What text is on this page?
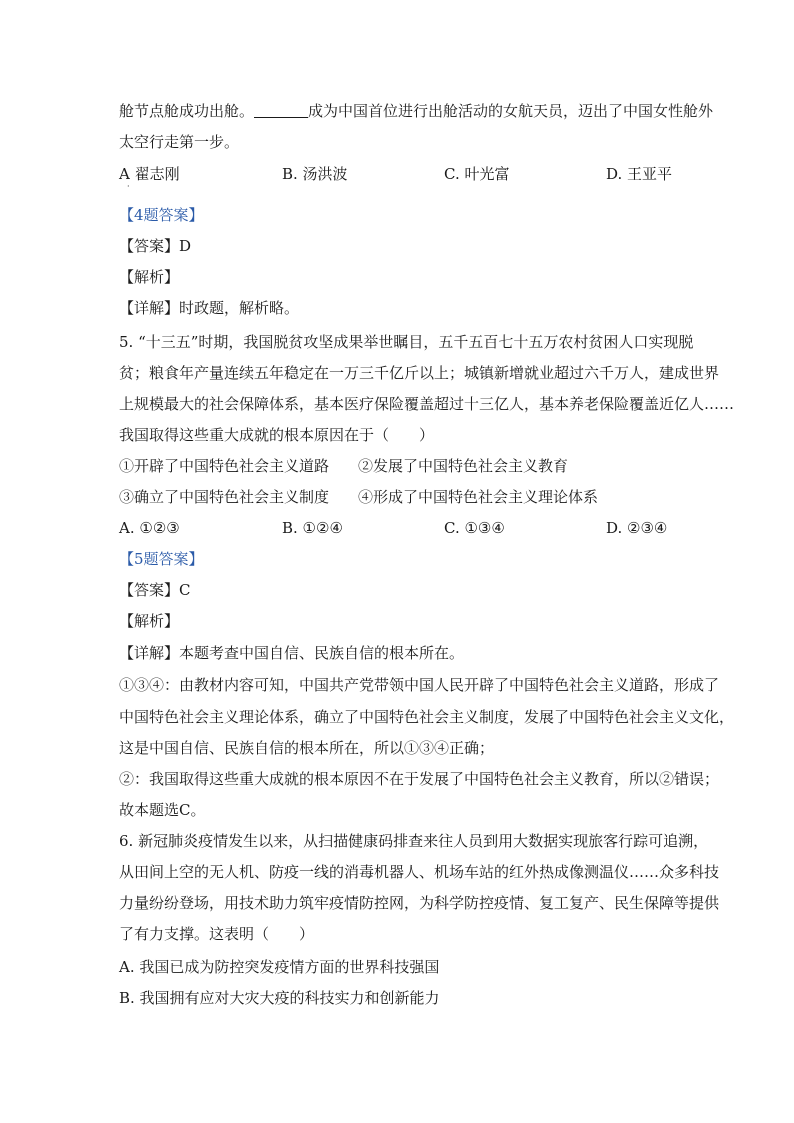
舱节点舱成功出舱。	成为中国首位进行出舱活动的女航天员，迈出了中国女性舱外
太空行走第一步。
A 翟志刚	B. 汤洪波	C. 叶光富	D. 王亚平
·
【4题答案】
【答案】D
【解析】
【详解】时政题，解析略。
5. “十三五”时期，我国脱贫攻坚成果举世瞩目，五千五百七十五万农村贫困人口实现脱
贫；粮食年产量连续五年稳定在一万三千亿斤以上；城镇新增就业超过六千万人，建成世界
上规模最大的社会保障体系，基本医疗保险覆盖超过十三亿人，基本养老保险覆盖近亿人……
我国取得这些重大成就的根本原因在于（　　）
①开辟了中国特色社会主义道路 ②发展了中国特色社会主义教育
③确立了中国特色社会主义制度 ④形成了中国特色社会主义理论体系
A. ①②③	B. ①②④	C. ①③④	D. ②③④
【5题答案】
【答案】C
【解析】
【详解】本题考查中国自信、民族自信的根本所在。
①③④：由教材内容可知，中国共产党带领中国人民开辟了中国特色社会主义道路，形成了
中国特色社会主义理论体系，确立了中国特色社会主义制度，发展了中国特色社会主义文化，
这是中国自信、民族自信的根本所在，所以①③④正确；
②：我国取得这些重大成就的根本原因不在于发展了中国特色社会主义教育，所以②错误；
故本题选C。
6. 新冠肺炎疫情发生以来，从扫描健康码排查来往人员到用大数据实现旅客行踪可追溯，
从田间上空的无人机、防疫一线的消毒机器人、机场车站的红外热成像测温仪……众多科技
力量纷纷登场，用技术助力筑牢疫情防控网，为科学防控疫情、复工复产、民生保障等提供
了有力支撑。这表明（　　）
A. 我国已成为防控突发疫情方面的世界科技强国
B. 我国拥有应对大灾大疫的科技实力和创新能力
